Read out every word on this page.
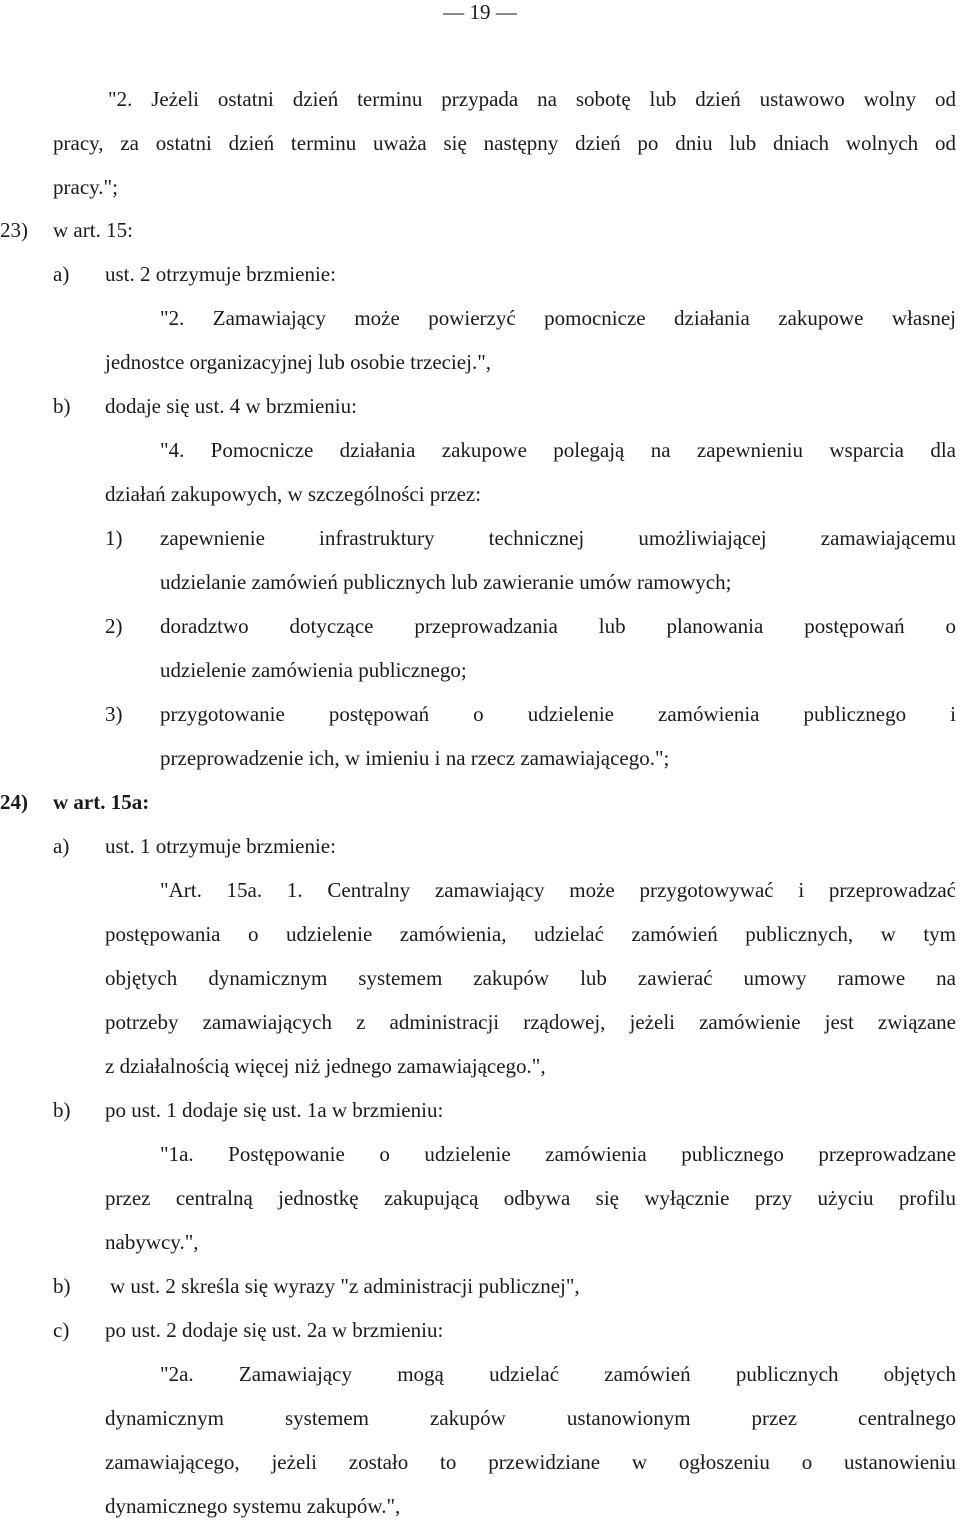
— 19 —
"2. Jeżeli ostatni dzień terminu przypada na sobotę lub dzień ustawowo wolny od
pracy, za ostatni dzień terminu uważa się następny dzień po dniu lub dniach wolnych od
pracy.";
23) w art. 15:
a) ust. 2 otrzymuje brzmienie:
"2. Zamawiający może powierzyć pomocnicze działania zakupowe własnej
jednostce organizacyjnej lub osobie trzeciej.",
b) dodaje się ust. 4 w brzmieniu:
"4. Pomocnicze działania zakupowe polegają na zapewnieniu wsparcia dla
działań zakupowych, w szczególności przez:
1) zapewnienie infrastruktury technicznej umożliwiającej zamawiającemu
udzielanie zamówień publicznych lub zawieranie umów ramowych;
2) doradztwo dotyczące przeprowadzania lub planowania postępowań o
udzielenie zamówienia publicznego;
3) przygotowanie postępowań o udzielenie zamówienia publicznego i
przeprowadzenie ich, w imieniu i na rzecz zamawiającego.";
24) w art. 15a:
a) ust. 1 otrzymuje brzmienie:
"Art. 15a. 1. Centralny zamawiający może przygotowywać i przeprowadzać
postępowania o udzielenie zamówienia, udzielać zamówień publicznych, w tym
objętych dynamicznym systemem zakupów lub zawierać umowy ramowe na
potrzeby zamawiających z administracji rządowej, jeżeli zamówienie jest związane
z działalnością więcej niż jednego zamawiającego.",
b) po ust. 1 dodaje się ust. 1a w brzmieniu:
"1a. Postępowanie o udzielenie zamówienia publicznego przeprowadzane
przez centralną jednostkę zakupującą odbywa się wyłącznie przy użyciu profilu
nabywcy.",
b) w ust. 2 skreśla się wyrazy "z administracji publicznej",
c) po ust. 2 dodaje się ust. 2a w brzmieniu:
"2a. Zamawiający mogą udzielać zamówień publicznych objętych
dynamicznym systemem zakupów ustanowionym przez centralnego
zamawiającego, jeżeli zostało to przewidziane w ogłoszeniu o ustanowieniu
dynamicznego systemu zakupów.",
